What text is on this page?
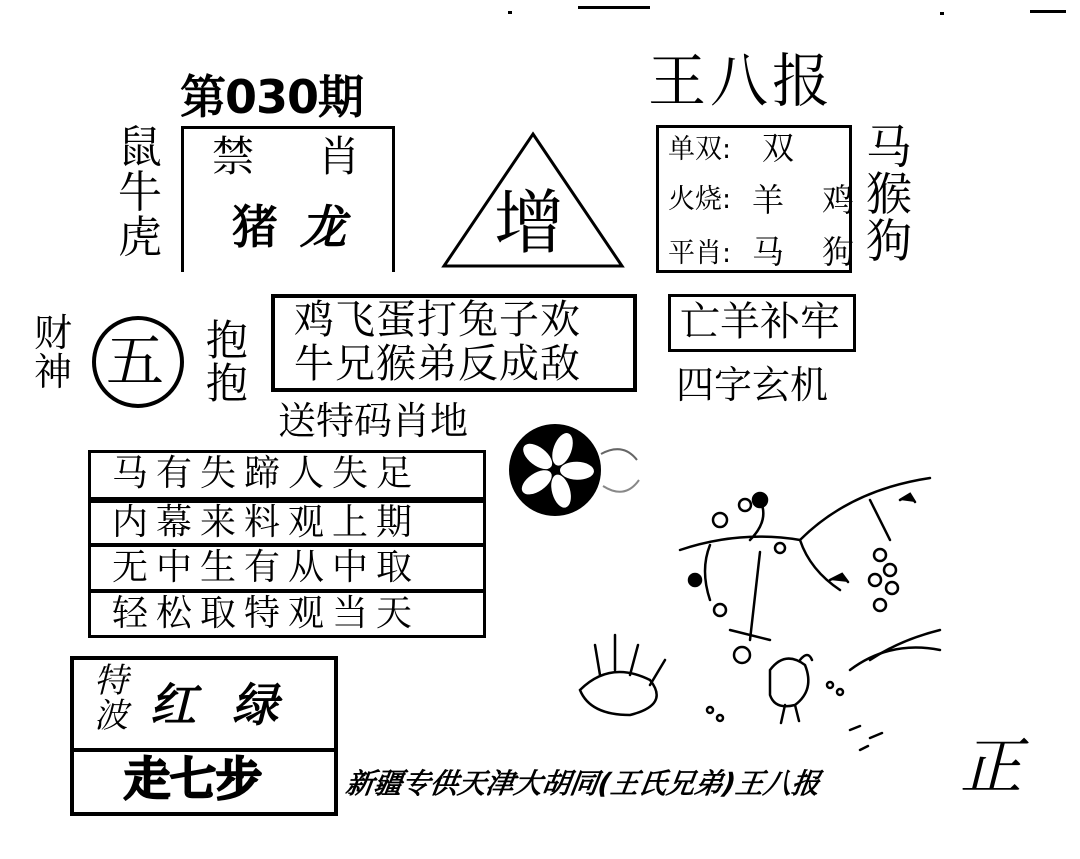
第030期	王八报
鼠
牛
虎
禁 肖
猪 龙 增
单双: 双
火烧: 羊 鸡
平肖: 马 狗
马
猴
狗
财
神 五 抱
抱
鸡飞蛋打兔子欢
牛兄猴弟反成敌
送特码肖地
亡羊补牢
四字玄机
马有失蹄人失足
内幕来料观上期
无中生有从中取
轻松取特观当天
特
波 红 绿
走七步	新疆专供天津大胡同(王氏兄弟)王八报 正
